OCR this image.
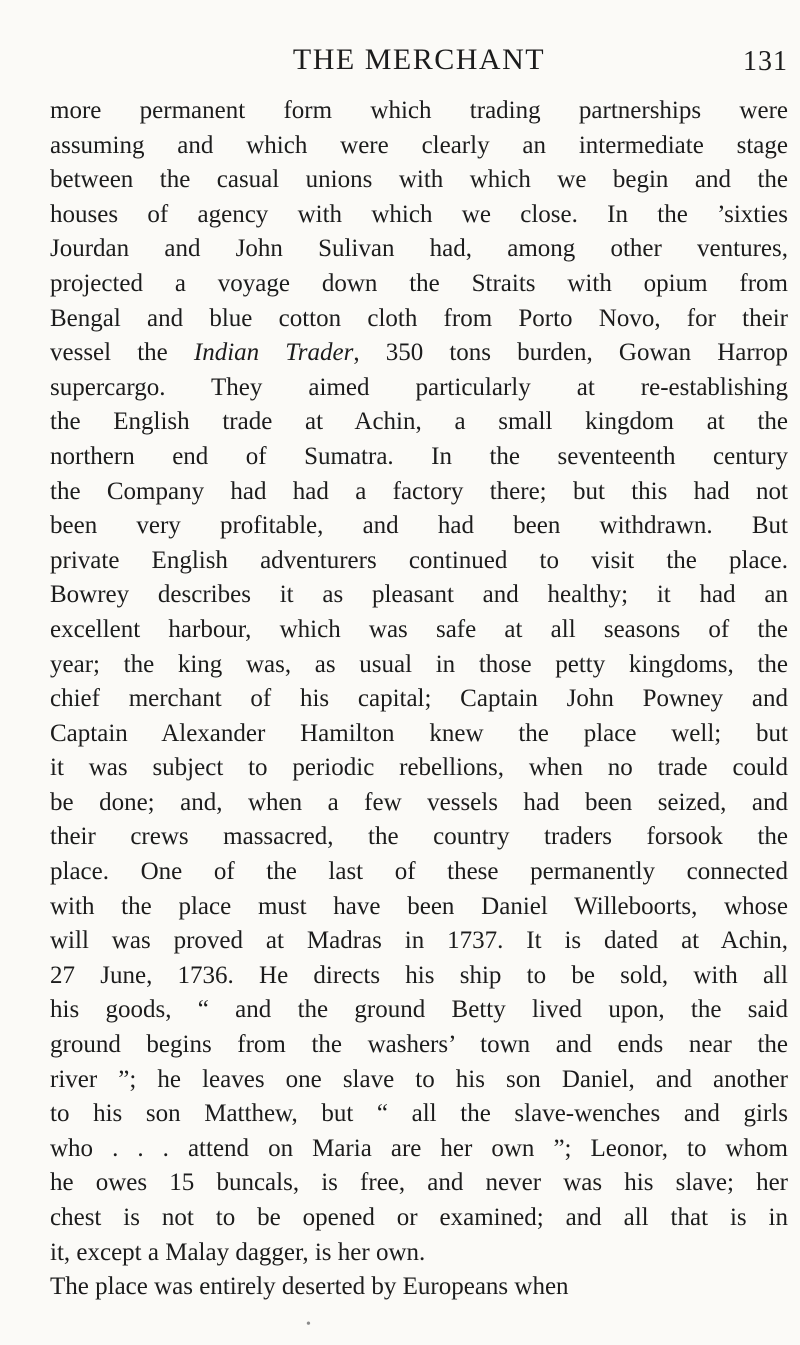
THE MERCHANT	131
more permanent form which trading partnerships were
assuming and which were clearly an intermediate stage
between the casual unions with which we begin and the
houses of agency with which we close. In the ’sixties
Jourdan and John Sulivan had, among other ventures,
projected a voyage down the Straits with opium from
Bengal and blue cotton cloth from Porto Novo, for their
vessel the Indian Trader, 350 tons burden, Gowan Harrop
supercargo. They aimed particularly at re-establishing
the English trade at Achin, a small kingdom at the
northern end of Sumatra. In the seventeenth century
the Company had had a factory there; but this had not
been very profitable, and had been withdrawn. But
private English adventurers continued to visit the place.
Bowrey describes it as pleasant and healthy; it had an
excellent harbour, which was safe at all seasons of the
year; the king was, as usual in those petty kingdoms, the
chief merchant of his capital; Captain John Powney and
Captain Alexander Hamilton knew the place well; but
it was subject to periodic rebellions, when no trade could
be done; and, when a few vessels had been seized, and
their crews massacred, the country traders forsook the
place. One of the last of these permanently connected
with the place must have been Daniel Willeboorts, whose
will was proved at Madras in 1737. It is dated at Achin,
27 June, 1736. He directs his ship to be sold, with all
his goods, “ and the ground Betty lived upon, the said
ground begins from the washers’ town and ends near the
river ”; he leaves one slave to his son Daniel, and another
to his son Matthew, but “ all the slave-wenches and girls
who . . . attend on Maria are her own ”; Leonor, to whom
he owes 15 buncals, is free, and never was his slave; her
chest is not to be opened or examined; and all that is in
it, except a Malay dagger, is her own.
The place was entirely deserted by Europeans when
•
